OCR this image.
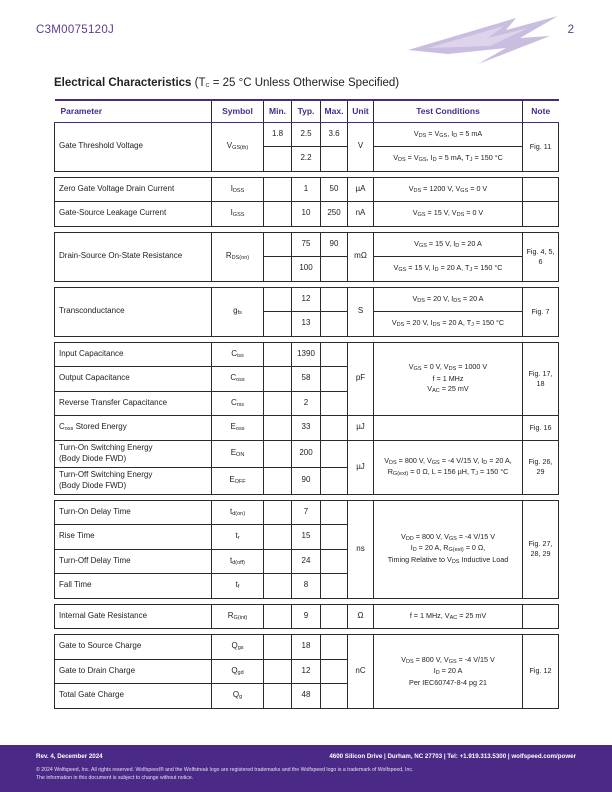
C3M0075120J	2
Electrical Characteristics ($T_C = 25$ °C Unless Otherwise Specified)
Parameter	Symbol	Min.	Typ.	Max.	Unit	Test Conditions	Note
Gate Threshold Voltage	$V_{GS(th)}$	1.8	2.5	3.6	V	$V_{DS} = V_{GS}$, $I_D = 5$ mA	Fig. 11
			2.2			$V_{DS} = V_{GS}$, $I_D = 5$ mA, $T_J = 150$ °C	

Zero Gate Voltage Drain Current	$I_{DSS}$		1	50	µA	$V_{DS} = 1200$ V, $V_{GS} = 0$ V	
Gate-Source Leakage Current	$I_{GSS}$		10	250	nA	$V_{GS} = 15$ V, $V_{DS} = 0$ V	

Drain-Source On-State Resistance	$R_{DS(on)}$		75	90	mΩ	$V_{GS} = 15$ V, $I_D = 20$ A	Fig. 4, 5, 6
			100			$V_{GS} = 15$ V, $I_D = 20$ A, $T_J = 150$ °C	

Transconductance	$g_{fs}$		12		S	$V_{DS} = 20$ V, $I_{DS} = 20$ A	Fig. 7
			13			$V_{DS} = 20$ V, $I_{DS} = 20$ A, $T_J = 150$ °C	

Input Capacitance	$C_{iss}$		1390		pF	$V_{GS} = 0$ V, $V_{DS} = 1000$ V
f = 1 MHz
$V_{AC} = 25$ mV	Fig. 17, 18
Output Capacitance	$C_{oss}$		58				
Reverse Transfer Capacitance	$C_{rss}$		2				
$C_{oss}$ Stored Energy	$E_{oss}$		33		µJ		Fig. 16
Turn-On Switching Energy
(Body Diode FWD)	$E_{ON}$		200		µJ	$V_{DS} = 800$ V, $V_{GS} = -4$ V/15 V, $I_D = 20$ A,
$R_{G(ext)} = 0$ Ω, L = 156 µH, $T_J = 150$ °C	Fig. 26, 29
Turn-Off Switching Energy
(Body Diode FWD)	$E_{OFF}$		90				

Turn-On Delay Time	$t_{d(on)}$		7		ns	$V_{DD} = 800$ V, $V_{GS} = -4$ V/15 V
$I_D = 20$ A, $R_{G(ext)} = 0$ Ω,
Timing Relative to $V_{DS}$ Inductive Load	Fig. 27, 28, 29
Rise Time	$t_r$		15				
Turn-Off Delay Time	$t_{d(off)}$		24				
Fall Time	$t_f$		8				

Internal Gate Resistance	$R_{G(int)}$		9		Ω	f = 1 MHz, $V_{AC} = 25$ mV	

Gate to Source Charge	$Q_{gs}$		18		nC	$V_{DS} = 800$ V, $V_{GS} = -4$ V/15 V
$I_D = 20$ A
Per IEC60747-8-4 pg 21	Fig. 12
Gate to Drain Charge	$Q_{gd}$		12				
Total Gate Charge	$Q_g$		48				
Rev. 4, December 2024	4600 Silicon Drive | Durham, NC 27703 | Tel: +1.919.313.5300 | wolfspeed.com/power
© 2024 Wolfspeed, Inc. All rights reserved. Wolfspeed® and the Wolfstreak logo are registered trademarks and the Wolfspeed logo is a trademark of Wolfspeed, Inc.
The information in this document is subject to change without notice.
